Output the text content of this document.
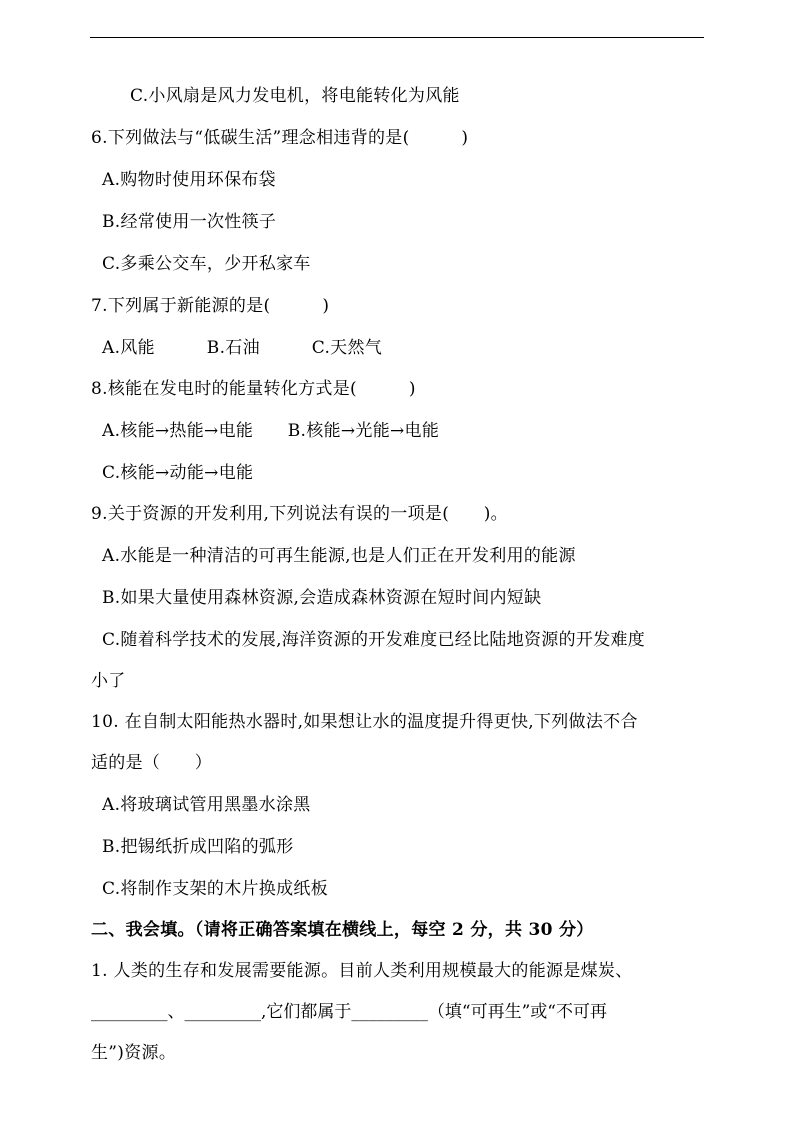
C.小风扇是风力发电机，将电能转化为风能
6.下列做法与“低碳生活”理念相违背的是(　　　)
A.购物时使用环保布袋
B.经常使用一次性筷子
C.多乘公交车，少开私家车
7.下列属于新能源的是(　　　)
A.风能　　　B.石油　　　C.天然气
8.核能在发电时的能量转化方式是(　　　)
A.核能→热能→电能　　B.核能→光能→电能
C.核能→动能→电能
9.关于资源的开发利用,下列说法有误的一项是(　　)。
A.水能是一种清洁的可再生能源,也是人们正在开发利用的能源
B.如果大量使用森林资源,会造成森林资源在短时间内短缺
C.随着科学技术的发展,海洋资源的开发难度已经比陆地资源的开发难度
小了
10. 在自制太阳能热水器时,如果想让水的温度提升得更快,下列做法不合
适的是（　　）
A.将玻璃试管用黑墨水涂黑
B.把锡纸折成凹陷的弧形
C.将制作支架的木片换成纸板
二、我会填。（请将正确答案填在横线上，每空 2 分，共 30 分）
1. 人类的生存和发展需要能源。目前人类利用规模最大的能源是煤炭、
_________、_________,它们都属于_________（填“可再生”或“不可再
生”)资源。
